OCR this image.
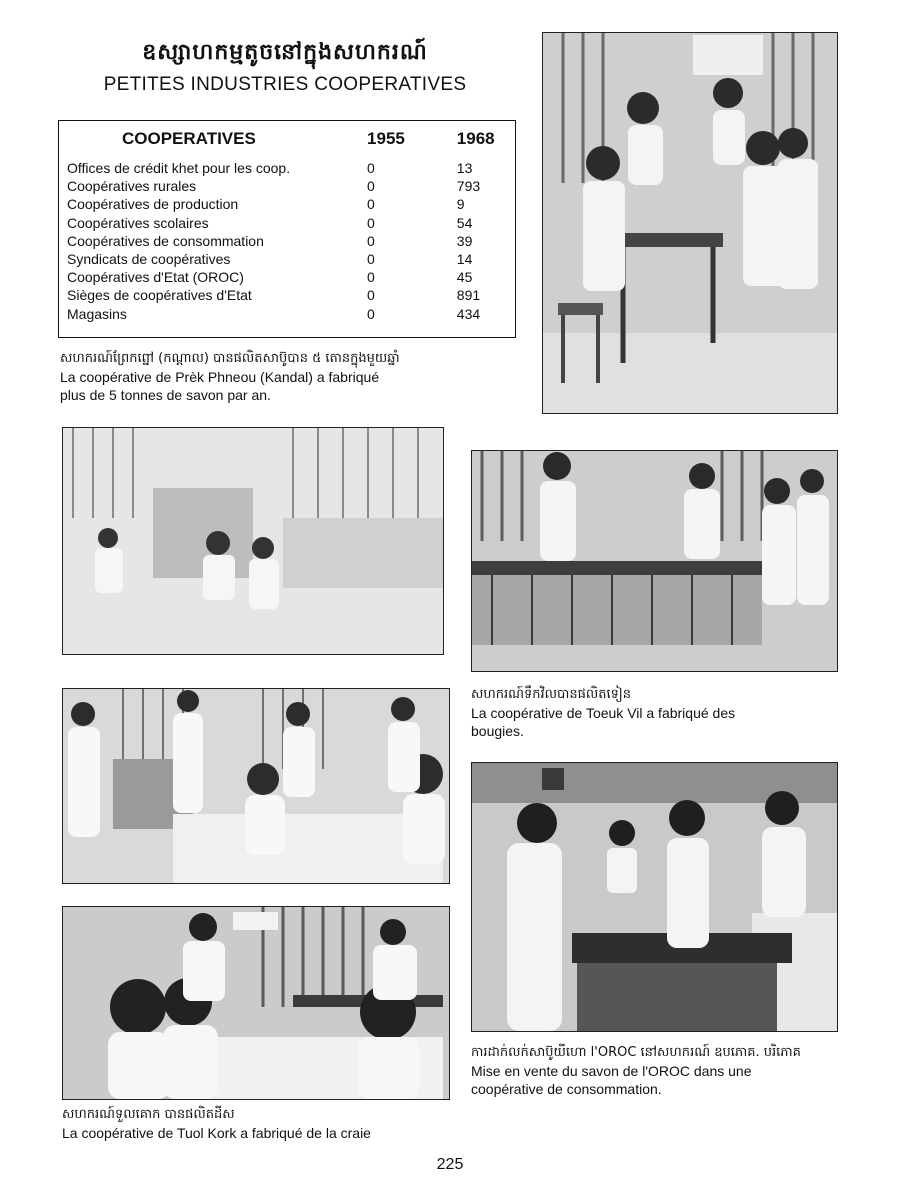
ឧស្សាហកម្មតូចនៅក្នុងសហករណ៍
PETITES INDUSTRIES COOPERATIVES
COOPERATIVES	1955	1968
Offices de crédit khet pour les coop.	0	13
Coopératives rurales	0	793
Coopératives de production	0	9
Coopératives scolaires	0	54
Coopératives de consommation	0	39
Syndicats de coopératives	0	14
Coopératives d'Etat (OROC)	0	45
Sièges de coopératives d'Etat	0	891
Magasins	0	434
សហករណ៍ព្រែកព្នៅ (កណ្ដាល) បានផលិតសាប៊ូបាន ៥ តោនក្នុងមួយឆ្នាំ
La coopérative de Prèk Phneou (Kandal) a fabriqué
plus de 5 tonnes de savon par an.
សហករណ៍ទឹកវិលបានផលិតទៀន
La coopérative de Toeuk Vil a fabriqué des
bougies.
ការដាក់លក់សាប៊ូយីហោ l'OROC នៅសហករណ៍ ឧបភោគ. បរិភោគ
Mise en vente du savon de l'OROC dans une
coopérative de consommation.
សហករណ៍ទួលគោក បានផលិតដីស
La coopérative de Tuol Kork a fabriqué de la craie
225
